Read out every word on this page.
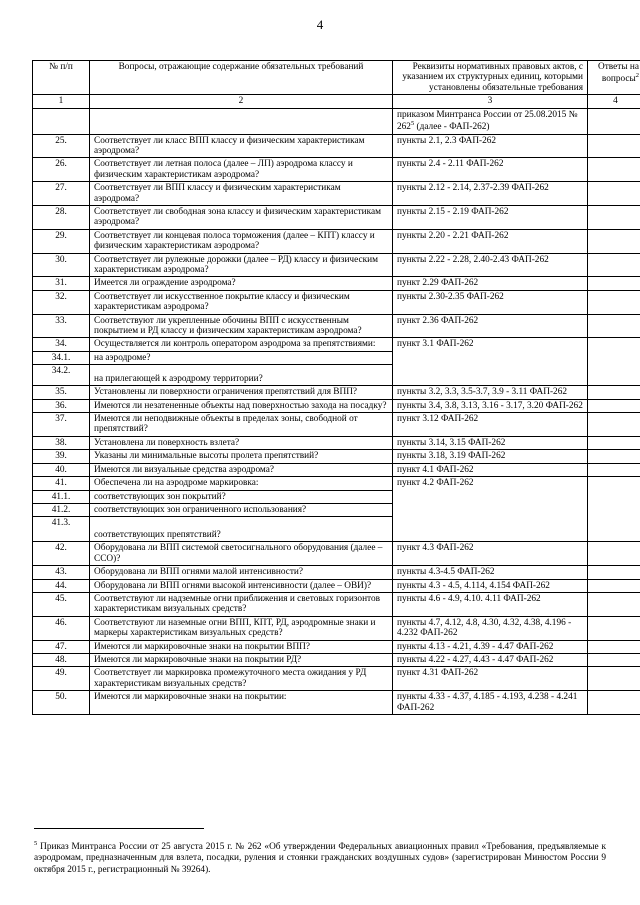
4
№ п/п	Вопросы, отражающие содержание обязательных требований	Реквизиты нормативных правовых актов, с указанием их структурных единиц, которыми установлены обязательные требования	Ответы на вопросы$^2$
1	2	3	4
		приказом Минтранса России от 25.08.2015 № $262^5$ (далее - ФАП-262)	
25.	Соответствует ли класс ВПП классу и физическим характеристикам аэродрома?	пункты 2.1, 2.3 ФАП-262	
26.	Соответствует ли летная полоса (далее – ЛП) аэродрома классу и физическим характеристикам аэродрома?	пункты 2.4 - 2.11 ФАП-262	
27.	Соответствует ли ВПП классу и физическим характеристикам аэродрома?	пункты 2.12 - 2.14, 2.37-2.39 ФАП-262	
28.	Соответствует ли свободная зона классу и физическим характеристикам аэродрома?	пункты 2.15 - 2.19 ФАП-262	
29.	Соответствует ли концевая полоса торможения (далее – КПТ) классу и физическим характеристикам аэродрома?	пункты 2.20 - 2.21 ФАП-262	
30.	Соответствует ли рулежные дорожки (далее – РД) классу и физическим характеристикам аэродрома?	пункты 2.22 - 2.28, 2.40-2.43 ФАП-262	
31.	Имеется ли ограждение аэродрома?	пункт 2.29 ФАП-262	
32.	Соответствует ли искусственное покрытие классу и физическим характеристикам аэродрома?	пункты 2.30-2.35 ФАП-262	
33.	Соответствуют ли укрепленные обочины ВПП с искусственным покрытием и РД классу и физическим характеристикам аэродрома?	пункт 2.36 ФАП-262	
34.	Осуществляется ли контроль оператором аэродрома за препятствиями:	пункт 3.1 ФАП-262	
34.1.	на аэродроме?		
34.2.	на прилегающей к аэродрому территории?		
35.	Установлены ли поверхности ограничения препятствий для ВПП?	пункты 3.2, 3.3, 3.5-3.7, 3.9 - 3.11 ФАП-262	
36.	Имеются ли незатененные объекты над поверхностью захода на посадку?	пункты 3.4, 3.8, 3.13, 3.16 - 3.17, 3.20 ФАП-262	
37.	Имеются ли неподвижные объекты в пределах зоны, свободной от препятствий?	пункт 3.12 ФАП-262	
38.	Установлена ли поверхность взлета?	пункты 3.14, 3.15 ФАП-262	
39.	Указаны ли минимальные высоты пролета препятствий?	пункты 3.18, 3.19 ФАП-262	
40.	Имеются ли визуальные средства аэродрома?	пункт 4.1 ФАП-262	
41.	Обеспечена ли на аэродроме маркировка:	пункт 4.2 ФАП-262	
41.1.	соответствующих зон покрытий?		
41.2.	соответствующих зон ограниченного использования?		
41.3.	соответствующих препятствий?		
42.	Оборудована ли ВПП системой светосигнального оборудования (далее – ССО)?	пункт 4.3 ФАП-262	
43.	Оборудована ли ВПП огнями малой интенсивности?	пункты 4.3-4.5 ФАП-262	
44.	Оборудована ли ВПП огнями высокой интенсивности (далее – ОВИ)?	пункты 4.3 - 4.5, 4.114, 4.154 ФАП-262	
45.	Соответствуют ли надземные огни приближения и световых горизонтов характеристикам визуальных средств?	пункты 4.6 - 4.9, 4.10. 4.11 ФАП-262	
46.	Соответствуют ли наземные огни ВПП, КПТ, РД, аэродромные знаки и маркеры характеристикам визуальных средств?	пункты 4.7, 4.12, 4.8, 4.30, 4.32, 4.38, 4.196 - 4.232 ФАП-262	
47.	Имеются ли маркировочные знаки на покрытии ВПП?	пункты 4.13 - 4.21, 4.39 - 4.47 ФАП-262	
48.	Имеются ли маркировочные знаки на покрытии РД?	пункты 4.22 - 4.27, 4.43 - 4.47 ФАП-262	
49.	Соответствует ли маркировка промежуточного места ожидания у РД характеристикам визуальных средств?	пункт 4.31 ФАП-262	
50.	Имеются ли маркировочные знаки на покрытии:	пункты 4.33 - 4.37, 4.185 - 4.193, 4.238 - 4.241 ФАП-262	
$^5$ Приказ Минтранса России от 25 августа 2015 г. № 262 «Об утверждении Федеральных авиационных правил «Требования, предъявляемые к аэродромам, предназначенным для взлета, посадки, руления и стоянки гражданских воздушных судов» (зарегистрирован Минюстом России 9 октября 2015 г., регистрационный № 39264).
